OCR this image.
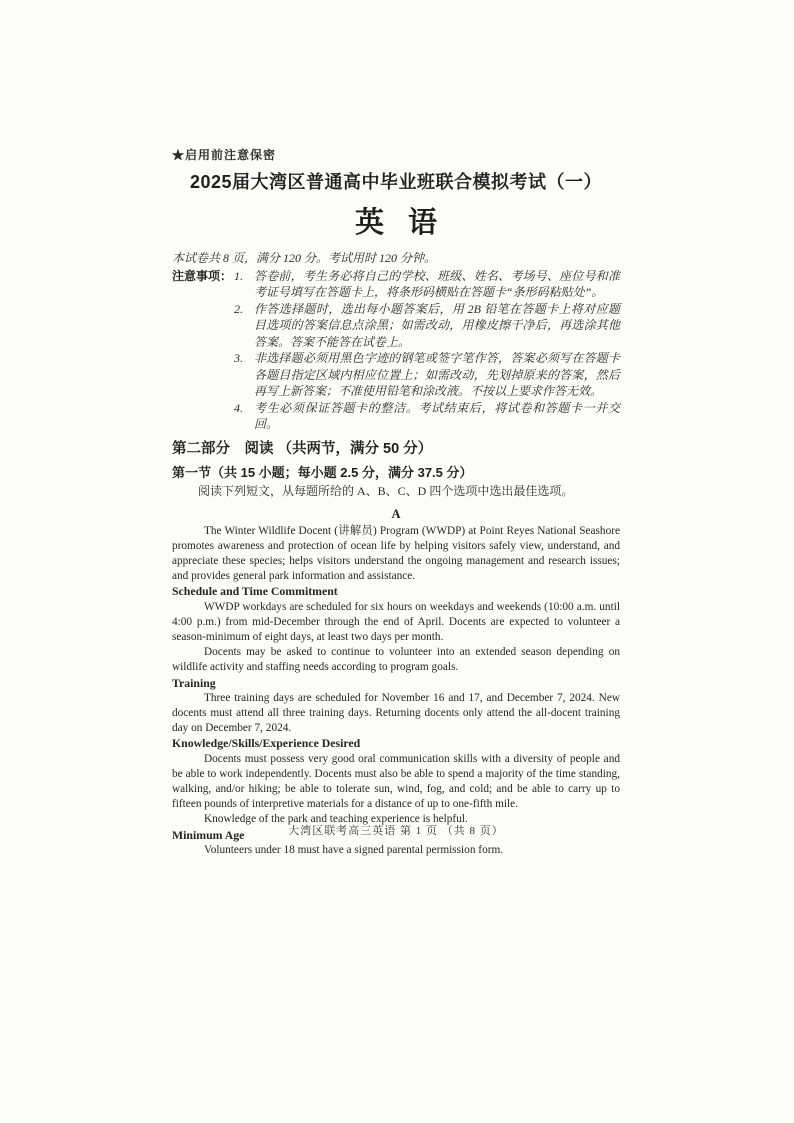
★启用前注意保密
2025届大湾区普通高中毕业班联合模拟考试（一）
英 语
本试卷共 8 页，满分 120 分。考试用时 120 分钟。
注意事项： 1. 答卷前，考生务必将自己的学校、班级、姓名、考场号、座位号和准考证号填写在答题卡上，将条形码横贴在答题卡“条形码粘贴处”。
2. 作答选择题时，选出每小题答案后，用 2B 铅笔在答题卡上将对应题目选项的答案信息点涂黑；如需改动，用橡皮擦干净后，再选涂其他答案。答案不能答在试卷上。
3. 非选择题必须用黑色字迹的钢笔或签字笔作答，答案必须写在答题卡各题目指定区域内相应位置上；如需改动，先划掉原来的答案，然后再写上新答案；不准使用铅笔和涂改液。不按以上要求作答无效。
4. 考生必须保证答题卡的整洁。考试结束后，将试卷和答题卡一并交回。
第二部分　阅读 （共两节，满分 50 分）
第一节（共 15 小题；每小题 2.5 分，满分 37.5 分）
阅读下列短文，从每题所给的 A、B、C、D 四个选项中选出最佳选项。
A

The Winter Wildlife Docent (讲解员) Program (WWDP) at Point Reyes National Seashore promotes awareness and protection of ocean life by helping visitors safely view, understand, and appreciate these species; helps visitors understand the ongoing management and research issues; and provides general park information and assistance.

Schedule and Time Commitment

WWDP workdays are scheduled for six hours on weekdays and weekends (10:00 a.m. until 4:00 p.m.) from mid-December through the end of April. Docents are expected to volunteer a season-minimum of eight days, at least two days per month.

Docents may be asked to continue to volunteer into an extended season depending on wildlife activity and staffing needs according to program goals.

Training

Three training days are scheduled for November 16 and 17, and December 7, 2024. New docents must attend all three training days. Returning docents only attend the all-docent training day on December 7, 2024.

Knowledge/Skills/Experience Desired

Docents must possess very good oral communication skills with a diversity of people and be able to work independently. Docents must also be able to spend a majority of the time standing, walking, and/or hiking; be able to tolerate sun, wind, fog, and cold; and be able to carry up to fifteen pounds of interpretive materials for a distance of up to one-fifth mile.

Knowledge of the park and teaching experience is helpful.

Minimum Age

Volunteers under 18 must have a signed parental permission form.

大湾区联考高三英语 第 1 页 （共 8 页）
